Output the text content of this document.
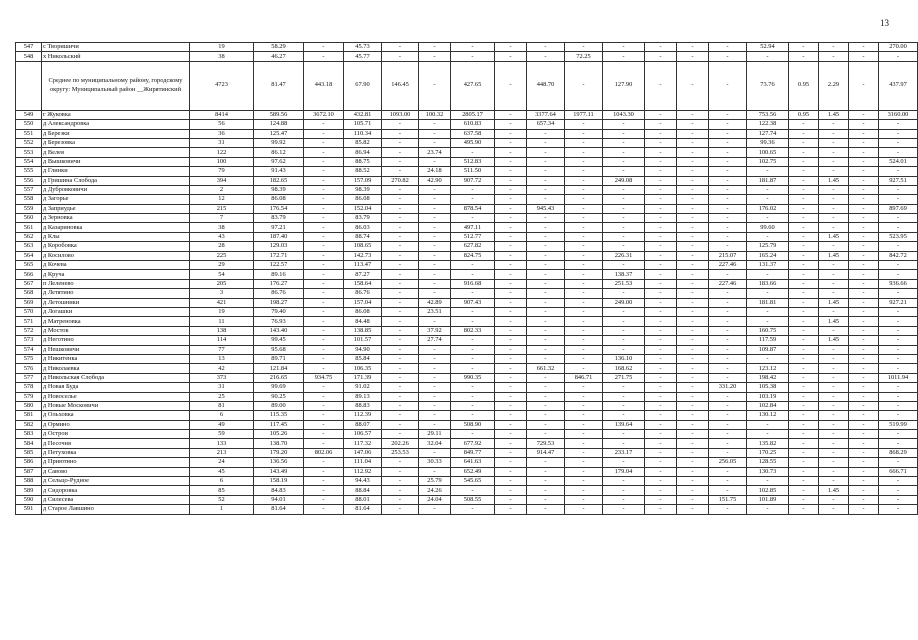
13
547	с Творишичи	19	58.29	-	45.73	-	-	-	-	-	-	-	-	-	-	52.94	-	-	-	270.00
548	х Никольский	38	46.27	-	45.77	-	-	-	-	-	72.25	-	-	-	-	-	-	-	-	-
	Среднее по муниципальному району, городскому округу: Муниципальный район __Жирятинский	4723	81.47	443.18	67.90	146.45	-	427.65	-	448.70	-	127.90	-	-	-	73.76	0.95	2.29	-	437.97
549	г Жуковка	8414	589.56	3672.10	432.81	1093.00	100.32	2805.17	-	3377.64	1977.11	1043.30	-	-	-	753.56	0.95	1.45	-	3160.00
550	д Александровка	56	124.88	-	105.71	-	-	610.83	-	657.34	-	-	-	-	-	122.38	-	-	-	-
551	д Березки	36	125.47	-	110.34	-	-	637.58	-	-	-	-	-	-	-	127.74	-	-	-	-
552	д Березовка	31	99.92	-	85.82	-	-	495.90	-	-	-	-	-	-	-	99.36	-	-	-	-
553	д Велея	122	86.12	-	86.94	-	23.74	-	-	-	-	-	-	-	-	100.65	-	-	-	-
554	д Вышковичи	100	97.62	-	88.75	-	-	512.83	-	-	-	-	-	-	-	102.75	-	-	-	524.01
555	д Глинки	79	91.43	-	88.52	-	24.18	511.50	-	-	-	-	-	-	-	-	-	-	-	-
556	д Гришина Слобода	394	182.65	-	157.09	270.82	42.90	907.72	-	-	-	249.08	-	-	-	181.87	-	1.45	-	927.51
557	д Дубровковичи	2	98.39	-	98.39	-	-	-	-	-	-	-	-	-	-	-	-	-	-	-
558	д Загорье	12	86.08	-	86.08	-	-	-	-	-	-	-	-	-	-	-	-	-	-	-
559	д Заприудье	215	176.54	-	152.04	-	-	878.54	-	945.43	-	-	-	-	-	176.02	-	-	-	897.69
560	д Зерновка	7	83.79	-	83.79	-	-	-	-	-	-	-	-	-	-	-	-	-	-	-
561	д Казариновка	38	97.21	-	86.03	-	-	497.11	-	-	-	-	-	-	-	99.60	-	-	-	-
562	д Клы	43	187.40	-	88.74	-	-	512.77	-	-	-	-	-	-	-	-	-	1.45	-	523.95
563	д Коробовка	28	129.03	-	108.65	-	-	627.82	-	-	-	-	-	-	-	125.79	-	-	-	-
564	д Косилово	225	172.71	-	142.73	-	-	824.75	-	-	-	226.31	-	-	215.07	165.24	-	1.45	-	842.72
565	д Кочева	29	122.57	-	113.47	-	-	-	-	-	-	-	-	-	227.46	131.37	-	-	-	-
566	д Круча	54	89.16	-	87.27	-	-	-	-	-	-	138.37	-	-	-	-	-	-	-	-
567	п Леленево	205	176.27	-	158.64	-	-	916.68	-	-	-	251.53	-	-	227.46	183.66	-	-	-	936.66
568	д Летятино	3	86.76	-	86.76	-	-	-	-	-	-	-	-	-	-	-	-	-	-	-
569	д Летошники	421	198.27	-	157.04	-	42.89	907.43	-	-	-	249.00	-	-	-	181.81	-	1.45	-	927.21
570	д Логашки	19	79.40	-	86.08	-	23.51	-	-	-	-	-	-	-	-	-	-	-	-	-
571	д Матреновка	11	76.93	-	84.48	-	-	-	-	-	-	-	-	-	-	-	-	1.45	-	-
572	д Мосток	138	143.40	-	138.85	-	37.92	802.33	-	-	-	-	-	-	-	160.75	-	-	-	-
573	д Неготино	114	99.45	-	101.57	-	27.74	-	-	-	-	-	-	-	-	117.59	-	1.45	-	-
574	д Нешковичи	77	95.68	-	94.90	-	-	-	-	-	-	-	-	-	-	109.87	-	-	-	-
575	д Никитенка	13	89.71	-	85.84	-	-	-	-	-	-	136.10	-	-	-	-	-	-	-	-
576	д Николаевка	42	121.84	-	106.35	-	-	-	-	661.32	-	168.62	-	-	-	123.12	-	-	-	-
577	д Никольская Слобода	373	216.65	934.75	171.39	-	-	990.35	-	-	846.71	271.75	-	-	-	198.42	-	-	-	1011.94
578	д Новая Буда	31	99.69	-	91.02	-	-	-	-	-	-	-	-	-	331.20	105.38	-	-	-	-
579	д Новоселье	25	90.25	-	89.13	-	-	-	-	-	-	-	-	-	-	103.19	-	-	-	-
580	д Новые Московичи	81	89.00	-	88.83	-	-	-	-	-	-	-	-	-	-	102.84	-	-	-	-
581	д Ольховка	6	115.35	-	112.39	-	-	-	-	-	-	-	-	-	-	130.12	-	-	-	-
582	д Ормино	49	117.45	-	88.07	-	-	508.90	-	-	-	139.64	-	-	-	-	-	-	-	519.99
583	д Острои	59	105.26	-	106.57	-	29.11	-	-	-	-	-	-	-	-	-	-	-	-	-
584	д Песочня	133	138.70	-	117.32	202.26	32.04	677.92	-	729.53	-	-	-	-	-	135.82	-	-	-	-
585	д Петуховка	213	179.20	802.06	147.06	253.53	-	849.77	-	914.47	-	233.17	-	-	-	170.25	-	-	-	868.29
586	д Приютино	24	136.56	-	111.04	-	30.33	641.63	-	-	-	-	-	-	256.05	128.55	-	-	-	-
587	д Савово	45	143.49	-	112.92	-	-	652.49	-	-	-	179.04	-	-	-	130.73	-	-	-	666.71
588	д Сельцо-Рудное	6	158.19	-	94.43	-	25.79	545.65	-	-	-	-	-	-	-	-	-	-	-	-
589	д Сидоровка	85	84.83	-	88.84	-	24.26	-	-	-	-	-	-	-	-	102.85	-	1.45	-	-
590	д Силесева	52	94.01	-	88.01	-	24.04	508.55	-	-	-	-	-	-	151.75	101.89	-	-	-	-
591	д Старое Лавшино	1	81.64	-	81.64	-	-	-	-	-	-	-	-	-	-	-	-	-	-	-
